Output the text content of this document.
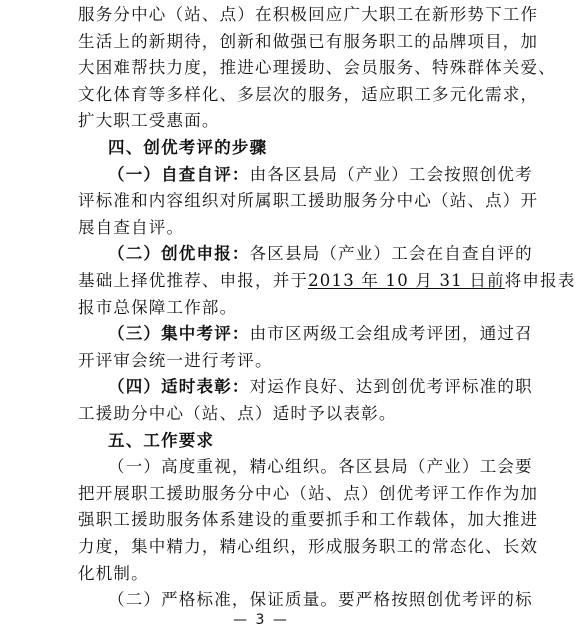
服务分中心（站、点）在积极回应广大职工在新形势下工作
生活上的新期待，创新和做强已有服务职工的品牌项目，加
大困难帮扶力度，推进心理援助、会员服务、特殊群体关爱、
文化体育等多样化、多层次的服务，适应职工多元化需求，
扩大职工受惠面。
四、创优考评的步骤
（一）自查自评：由各区县局（产业）工会按照创优考
评标准和内容组织对所属职工援助服务分中心（站、点）开
展自查自评。
（二）创优申报：各区县局（产业）工会在自查自评的
基础上择优推荐、申报，并于2013 年 10 月 31 日前将申报表
报市总保障工作部。
（三）集中考评：由市区两级工会组成考评团，通过召
开评审会统一进行考评。
（四）适时表彰：对运作良好、达到创优考评标准的职
工援助分中心（站、点）适时予以表彰。
五、工作要求
（一）高度重视，精心组织。各区县局（产业）工会要
把开展职工援助服务分中心（站、点）创优考评工作作为加
强职工援助服务体系建设的重要抓手和工作载体，加大推进
力度，集中精力，精心组织，形成服务职工的常态化、长效
化机制。
（二）严格标准，保证质量。要严格按照创优考评的标
— 3 —
